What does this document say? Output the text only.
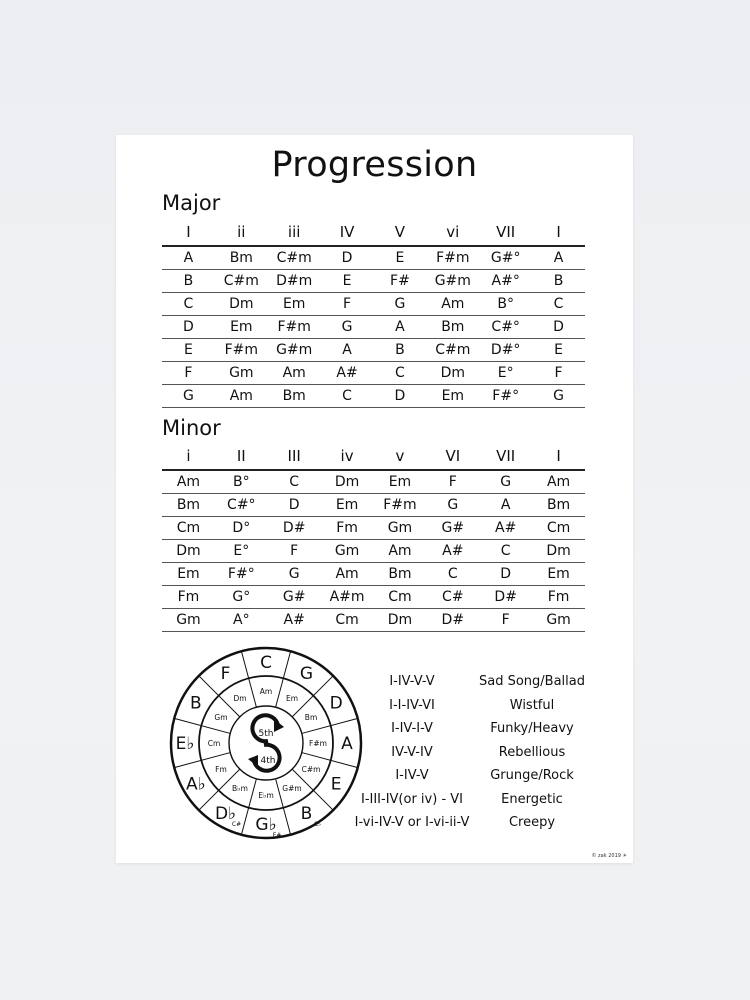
Progression
Major
I	ii	iii	IV	V	vi	VII	I
A	Bm	C#m	D	E	F#m	G#°	A
B	C#m	D#m	E	F#	G#m	A#°	B
C	Dm	Em	F	G	Am	B°	C
D	Em	F#m	G	A	Bm	C#°	D
E	F#m	G#m	A	B	C#m	D#°	E
F	Gm	Am	A#	C	Dm	E°	F
G	Am	Bm	C	D	Em	F#°	G
Minor
i	II	III	iv	v	VI	VII	I
Am	B°	C	Dm	Em	F	G	Am
Bm	C#°	D	Em	F#m	G	A	Bm
Cm	D°	D#	Fm	Gm	G#	A#	Cm
Dm	E°	F	Gm	Am	A#	C	Dm
Em	F#°	G	Am	Bm	C	D	Em
Fm	G°	G#	A#m	Cm	C#	D#	Fm
Gm	A°	A#	Cm	Dm	D#	F	Gm
C
Am
G
Em D
Bm
A
F#m
E
C#m
B
C♭
G#m
G♭
F#
E♭m
D♭
C#
B♭m
A♭
Fm
E♭ Cm
B
Gm
F
Dm
5th
4th
I-IV-V-V	Sad Song/Ballad
I-I-IV-VI	Wistful
I-IV-I-V	Funky/Heavy
IV-V-IV	Rebellious
I-IV-V	Grunge/Rock
I-III-IV(or iv) - VI	Energetic
I-vi-IV-V or I-vi-ii-V	Creepy
© zak 2019 ☀
